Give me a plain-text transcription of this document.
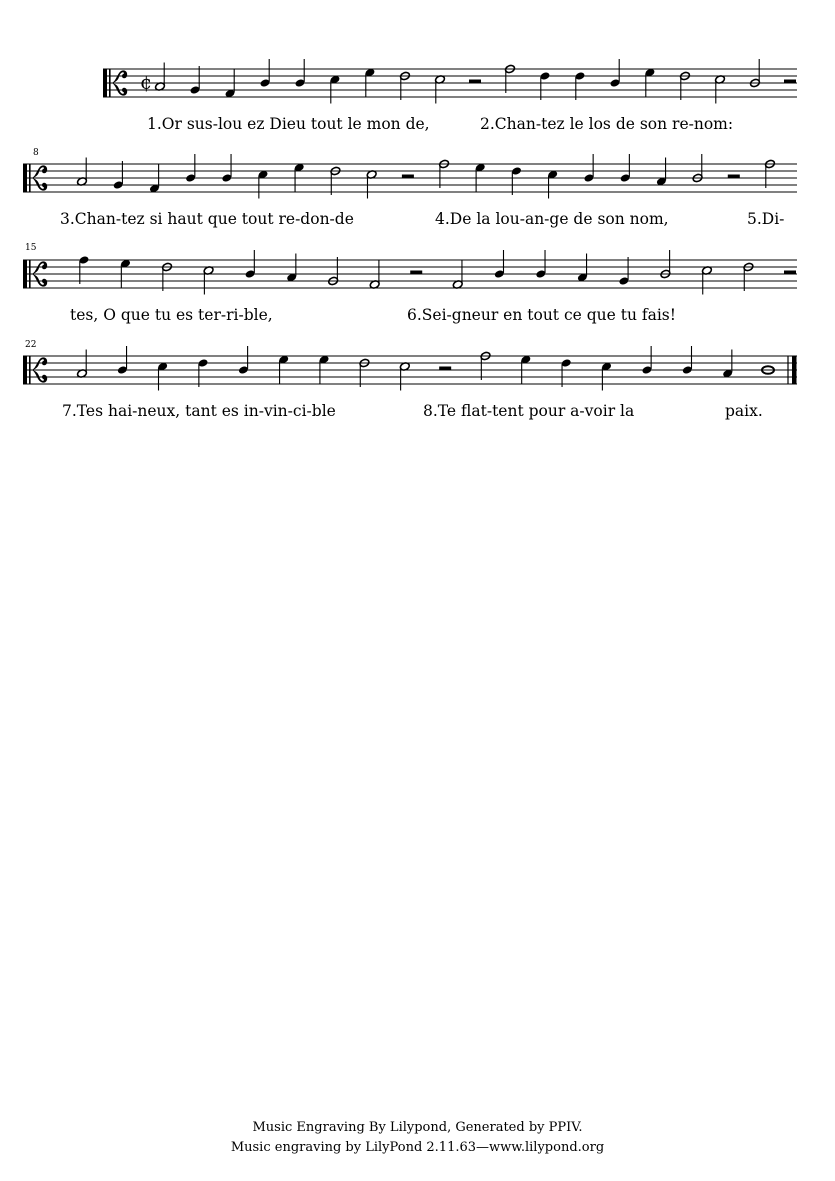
¢
1.Or sus-lou ez Dieu tout le mon de,	2.Chan-tez le los de son re-nom:
8
3.Chan-tez si haut que tout re-don-de	4.De la lou-an-ge de son nom,	5.Di-
15
tes, O que tu es ter-ri-ble,	6.Sei-gneur en tout ce que tu fais!
22
7.Tes hai-neux, tant es in-vin-ci-ble	8.Te flat-tent pour a-voir la	paix.
Music Engraving By Lilypond, Generated by PPIV.
Music engraving by LilyPond 2.11.63—www.lilypond.org
